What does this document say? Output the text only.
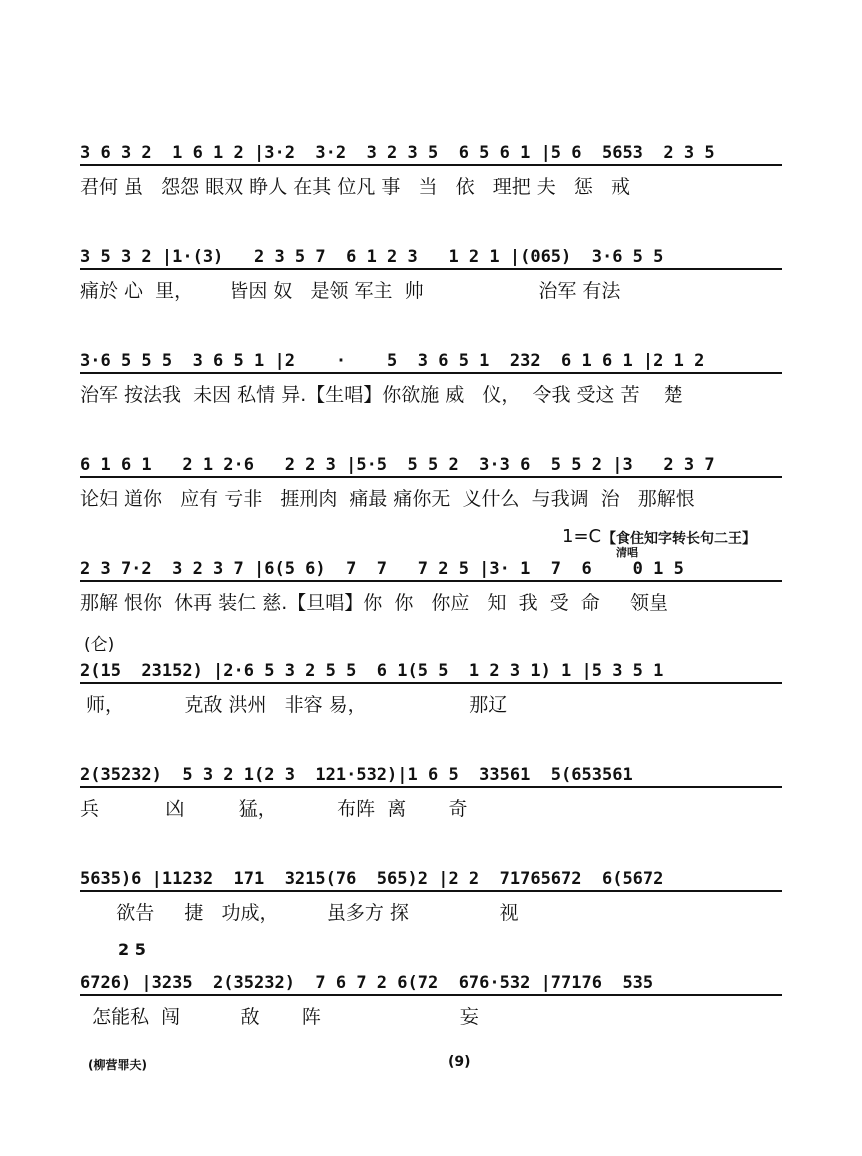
3 6 3 2  1 6 1 2 |3·2  3·2  3 2 3 5  6 5 6 1 |5 6  5653  2 3 5
君何 虽   怨怨 眼双 睁人 在其 位凡 事   当   依   理把 夫   惩   戒
3 5 3 2 |1·(3)   2 3 5 7  6 1 2 3   1 2 1 |(065)  3·6 5 5
痛於 心  里，      皆因 奴   是领 军主  帅                   治军 有法
3·6 5 5 5  3 6 5 1 |2    ·    5  3 6 5 1  232  6 1 6 1 |2 1 2
治军 按法我  未因 私情 异.【生唱】你欲施 威   仪，  令我 受这 苦    楚
6 1 6 1   2 1 2·6   2 2 3 |5·5  5 5 2  3·3 6  5 5 2 |3   2 3 7
论妇 道你   应有 亏非   捱刑肉  痛最 痛你无  义什么  与我调  治   那解恨
1=C 【食住知字转长句二王】
清唱
2 3 7·2  3 2 3 7 |6(5 6)  7  7   7 2 5 |3· 1  7  6    0 1 5
那解 恨你  休再 装仁 慈.【旦唱】你  你   你应   知  我  受  命     领皇
(仑)
2(15  23152) |2·6 5 3 2 5 5  6 1(5 5  1 2 3 1) 1 |5 3 5 1
师，          克敌 洪州   非容 易，                 那辽
2(35232)  5 3 2 1(2 3  121·532)|1 6 5  33561  5(653561
兵           凶         猛，          布阵  离       奇
5635)6 |11232  171  3215(76  565)2 |2 2  71765672  6(5672
欲告     捷   功成，        虽多方 探               视
2 5
6726) |3235  2(35232)  7 6 7 2 6(72  676·532 |77176  535
怎能私  闯          敌       阵                       妄
(柳营罪夫)	(9)
